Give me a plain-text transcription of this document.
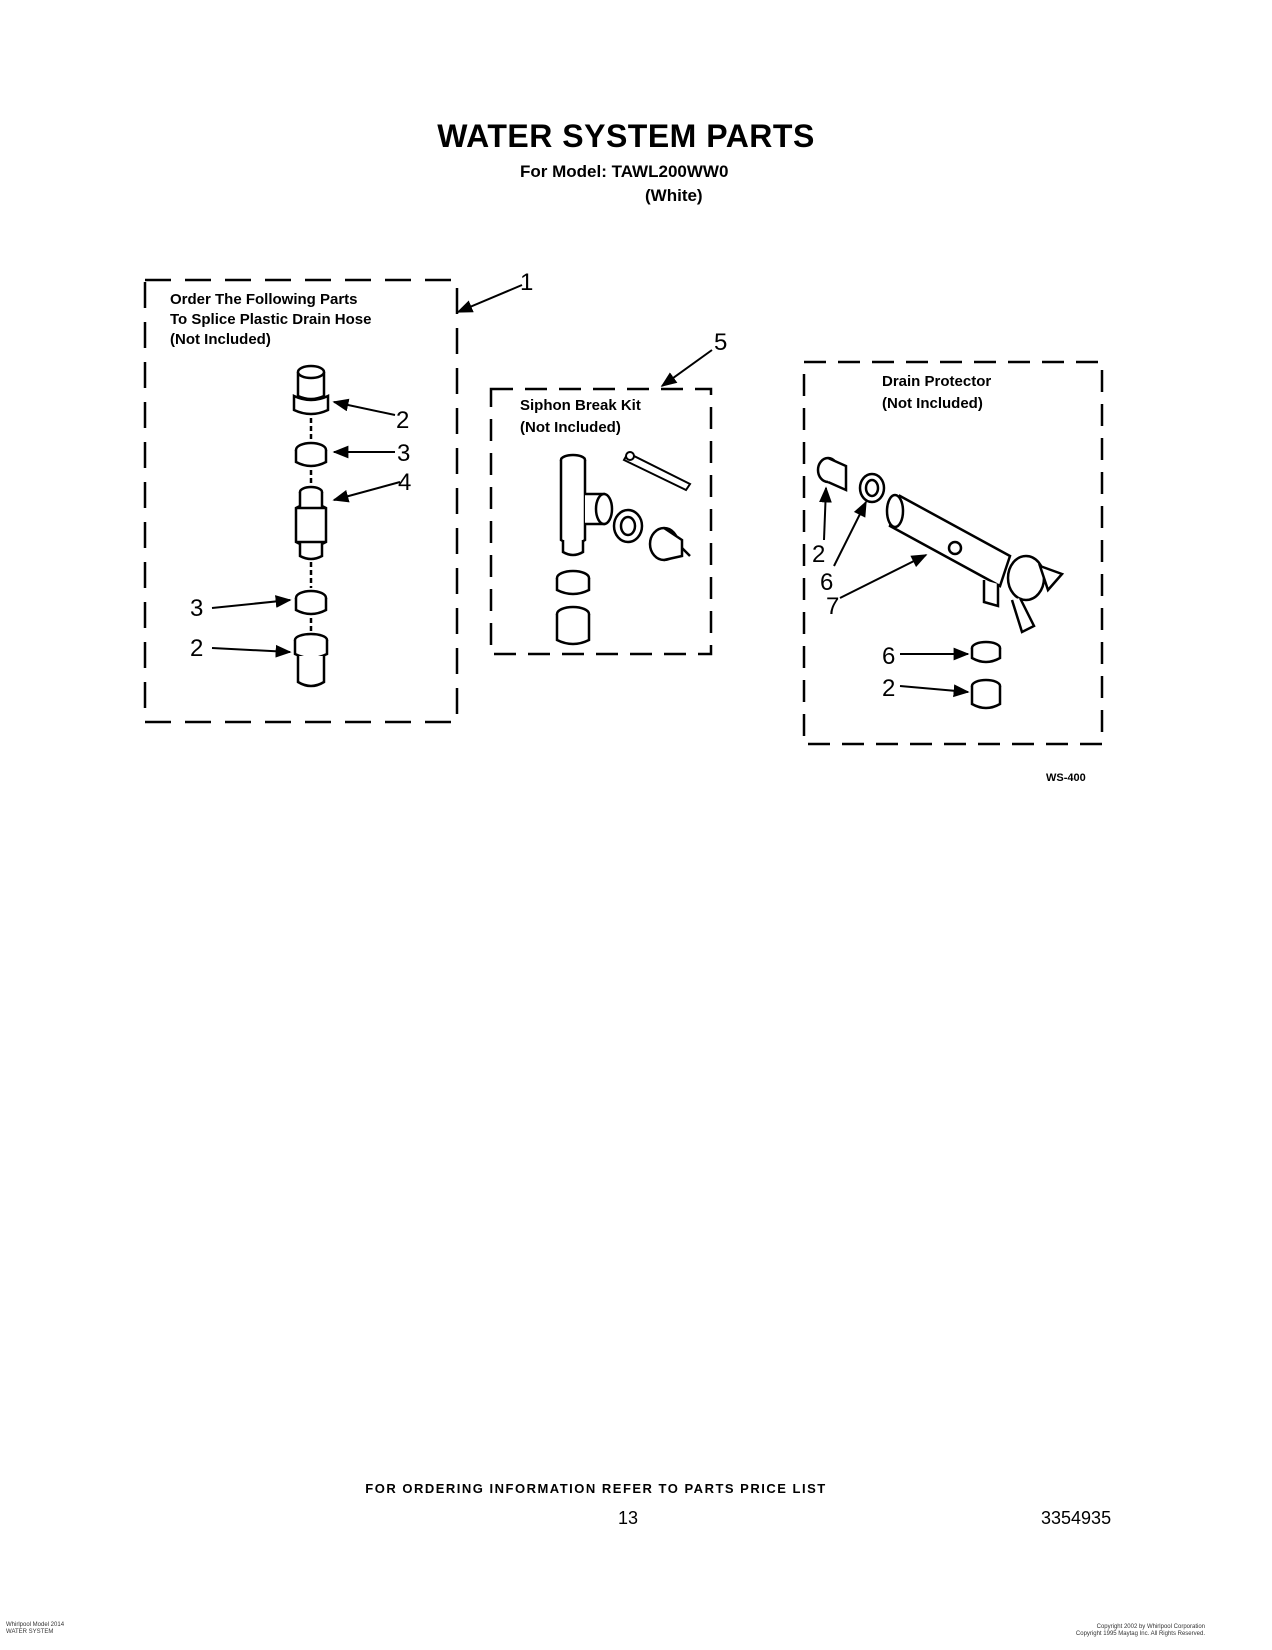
WATER SYSTEM PARTS
For Model: TAWL200WW0
(White)
Order The Following Parts
To Splice Plastic Drain Hose
(Not Included)
1
2
3
4
3
2
Siphon Break Kit
(Not Included)
5
Drain Protector
(Not Included)
2
6
7
6
2
WS-400
FOR ORDERING INFORMATION REFER TO PARTS PRICE LIST
13	3354935
Whirlpool Model 2014
WATER SYSTEM
Copyright 2002 by Whirlpool Corporation
Copyright 1995 Maytag Inc. All Rights Reserved.
